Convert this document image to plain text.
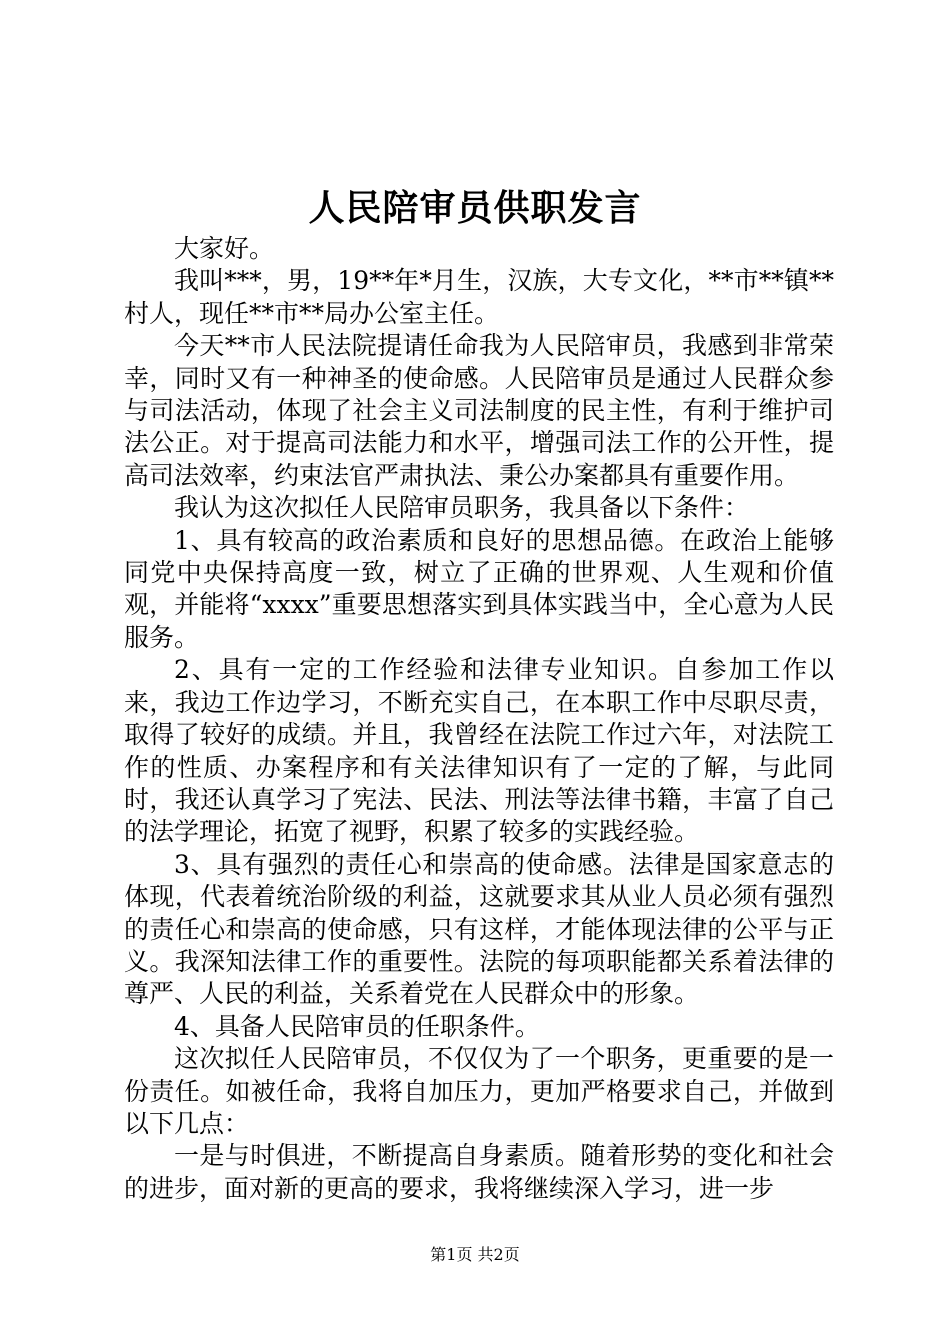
人民陪审员供职发言

大家好。

我叫***，男，19**年*月生，汉族，大专文化，**市**镇**村人，现任**市**局办公室主任。

今天**市人民法院提请任命我为人民陪审员，我感到非常荣幸，同时又有一种神圣的使命感。人民陪审员是通过人民群众参与司法活动，体现了社会主义司法制度的民主性，有利于维护司法公正。对于提高司法能力和水平，增强司法工作的公开性，提高司法效率，约束法官严肃执法、秉公办案都具有重要作用。

我认为这次拟任人民陪审员职务，我具备以下条件：

1、具有较高的政治素质和良好的思想品德。在政治上能够同党中央保持高度一致，树立了正确的世界观、人生观和价值观，并能将“xxxx”重要思想落实到具体实践当中，全心意为人民服务。

2、具有一定的工作经验和法律专业知识。自参加工作以来，我边工作边学习，不断充实自己，在本职工作中尽职尽责，取得了较好的成绩。并且，我曾经在法院工作过六年，对法院工作的性质、办案程序和有关法律知识有了一定的了解，与此同时，我还认真学习了宪法、民法、刑法等法律书籍，丰富了自己的法学理论，拓宽了视野，积累了较多的实践经验。

3、具有强烈的责任心和崇高的使命感。法律是国家意志的体现，代表着统治阶级的利益，这就要求其从业人员必须有强烈的责任心和崇高的使命感，只有这样，才能体现法律的公平与正义。我深知法律工作的重要性。法院的每项职能都关系着法律的尊严、人民的利益，关系着党在人民群众中的形象。

4、具备人民陪审员的任职条件。

这次拟任人民陪审员，不仅仅为了一个职务，更重要的是一份责任。如被任命，我将自加压力，更加严格要求自己，并做到以下几点：

一是与时俱进，不断提高自身素质。随着形势的变化和社会的进步，面对新的更高的要求，我将继续深入学习，进一步

第1页 共2页
